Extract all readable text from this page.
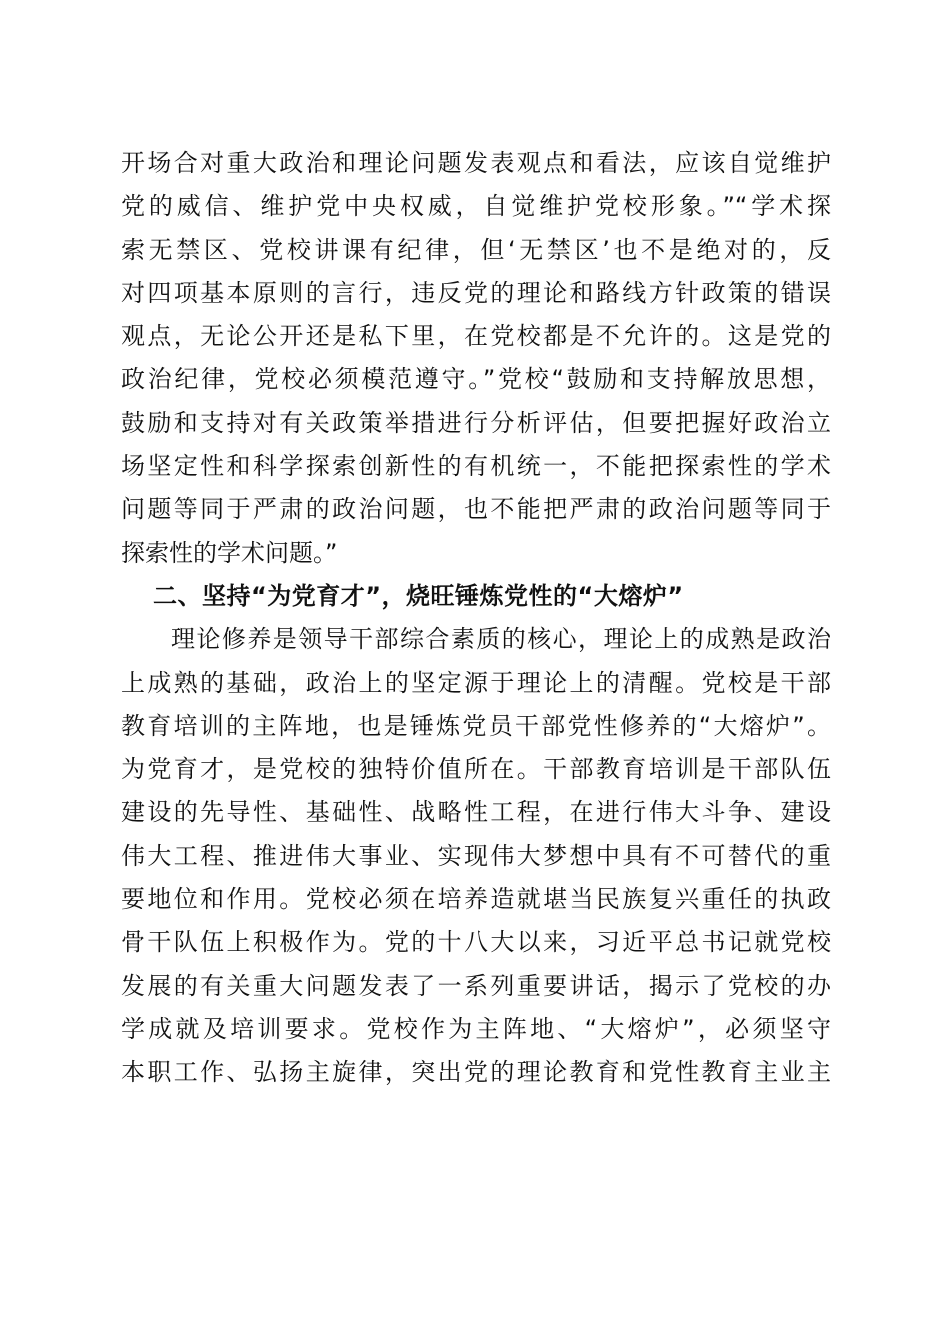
开场合对重大政治和理论问题发表观点和看法，应该自觉维护
党的威信、维护党中央权威，自觉维护党校形象。”“学术探
索无禁区、党校讲课有纪律，但‘无禁区’也不是绝对的，反
对四项基本原则的言行，违反党的理论和路线方针政策的错误
观点，无论公开还是私下里，在党校都是不允许的。这是党的
政治纪律，党校必须模范遵守。”党校“鼓励和支持解放思想，
鼓励和支持对有关政策举措进行分析评估，但要把握好政治立
场坚定性和科学探索创新性的有机统一，不能把探索性的学术
问题等同于严肃的政治问题，也不能把严肃的政治问题等同于
探索性的学术问题。”
二、坚持“为党育才”，烧旺锤炼党性的“大熔炉”
理论修养是领导干部综合素质的核心，理论上的成熟是政治
上成熟的基础，政治上的坚定源于理论上的清醒。党校是干部
教育培训的主阵地，也是锤炼党员干部党性修养的“大熔炉”。
为党育才，是党校的独特价值所在。干部教育培训是干部队伍
建设的先导性、基础性、战略性工程，在进行伟大斗争、建设
伟大工程、推进伟大事业、实现伟大梦想中具有不可替代的重
要地位和作用。党校必须在培养造就堪当民族复兴重任的执政
骨干队伍上积极作为。党的十八大以来，习近平总书记就党校
发展的有关重大问题发表了一系列重要讲话，揭示了党校的办
学成就及培训要求。党校作为主阵地、“大熔炉”，必须坚守
本职工作、弘扬主旋律，突出党的理论教育和党性教育主业主
